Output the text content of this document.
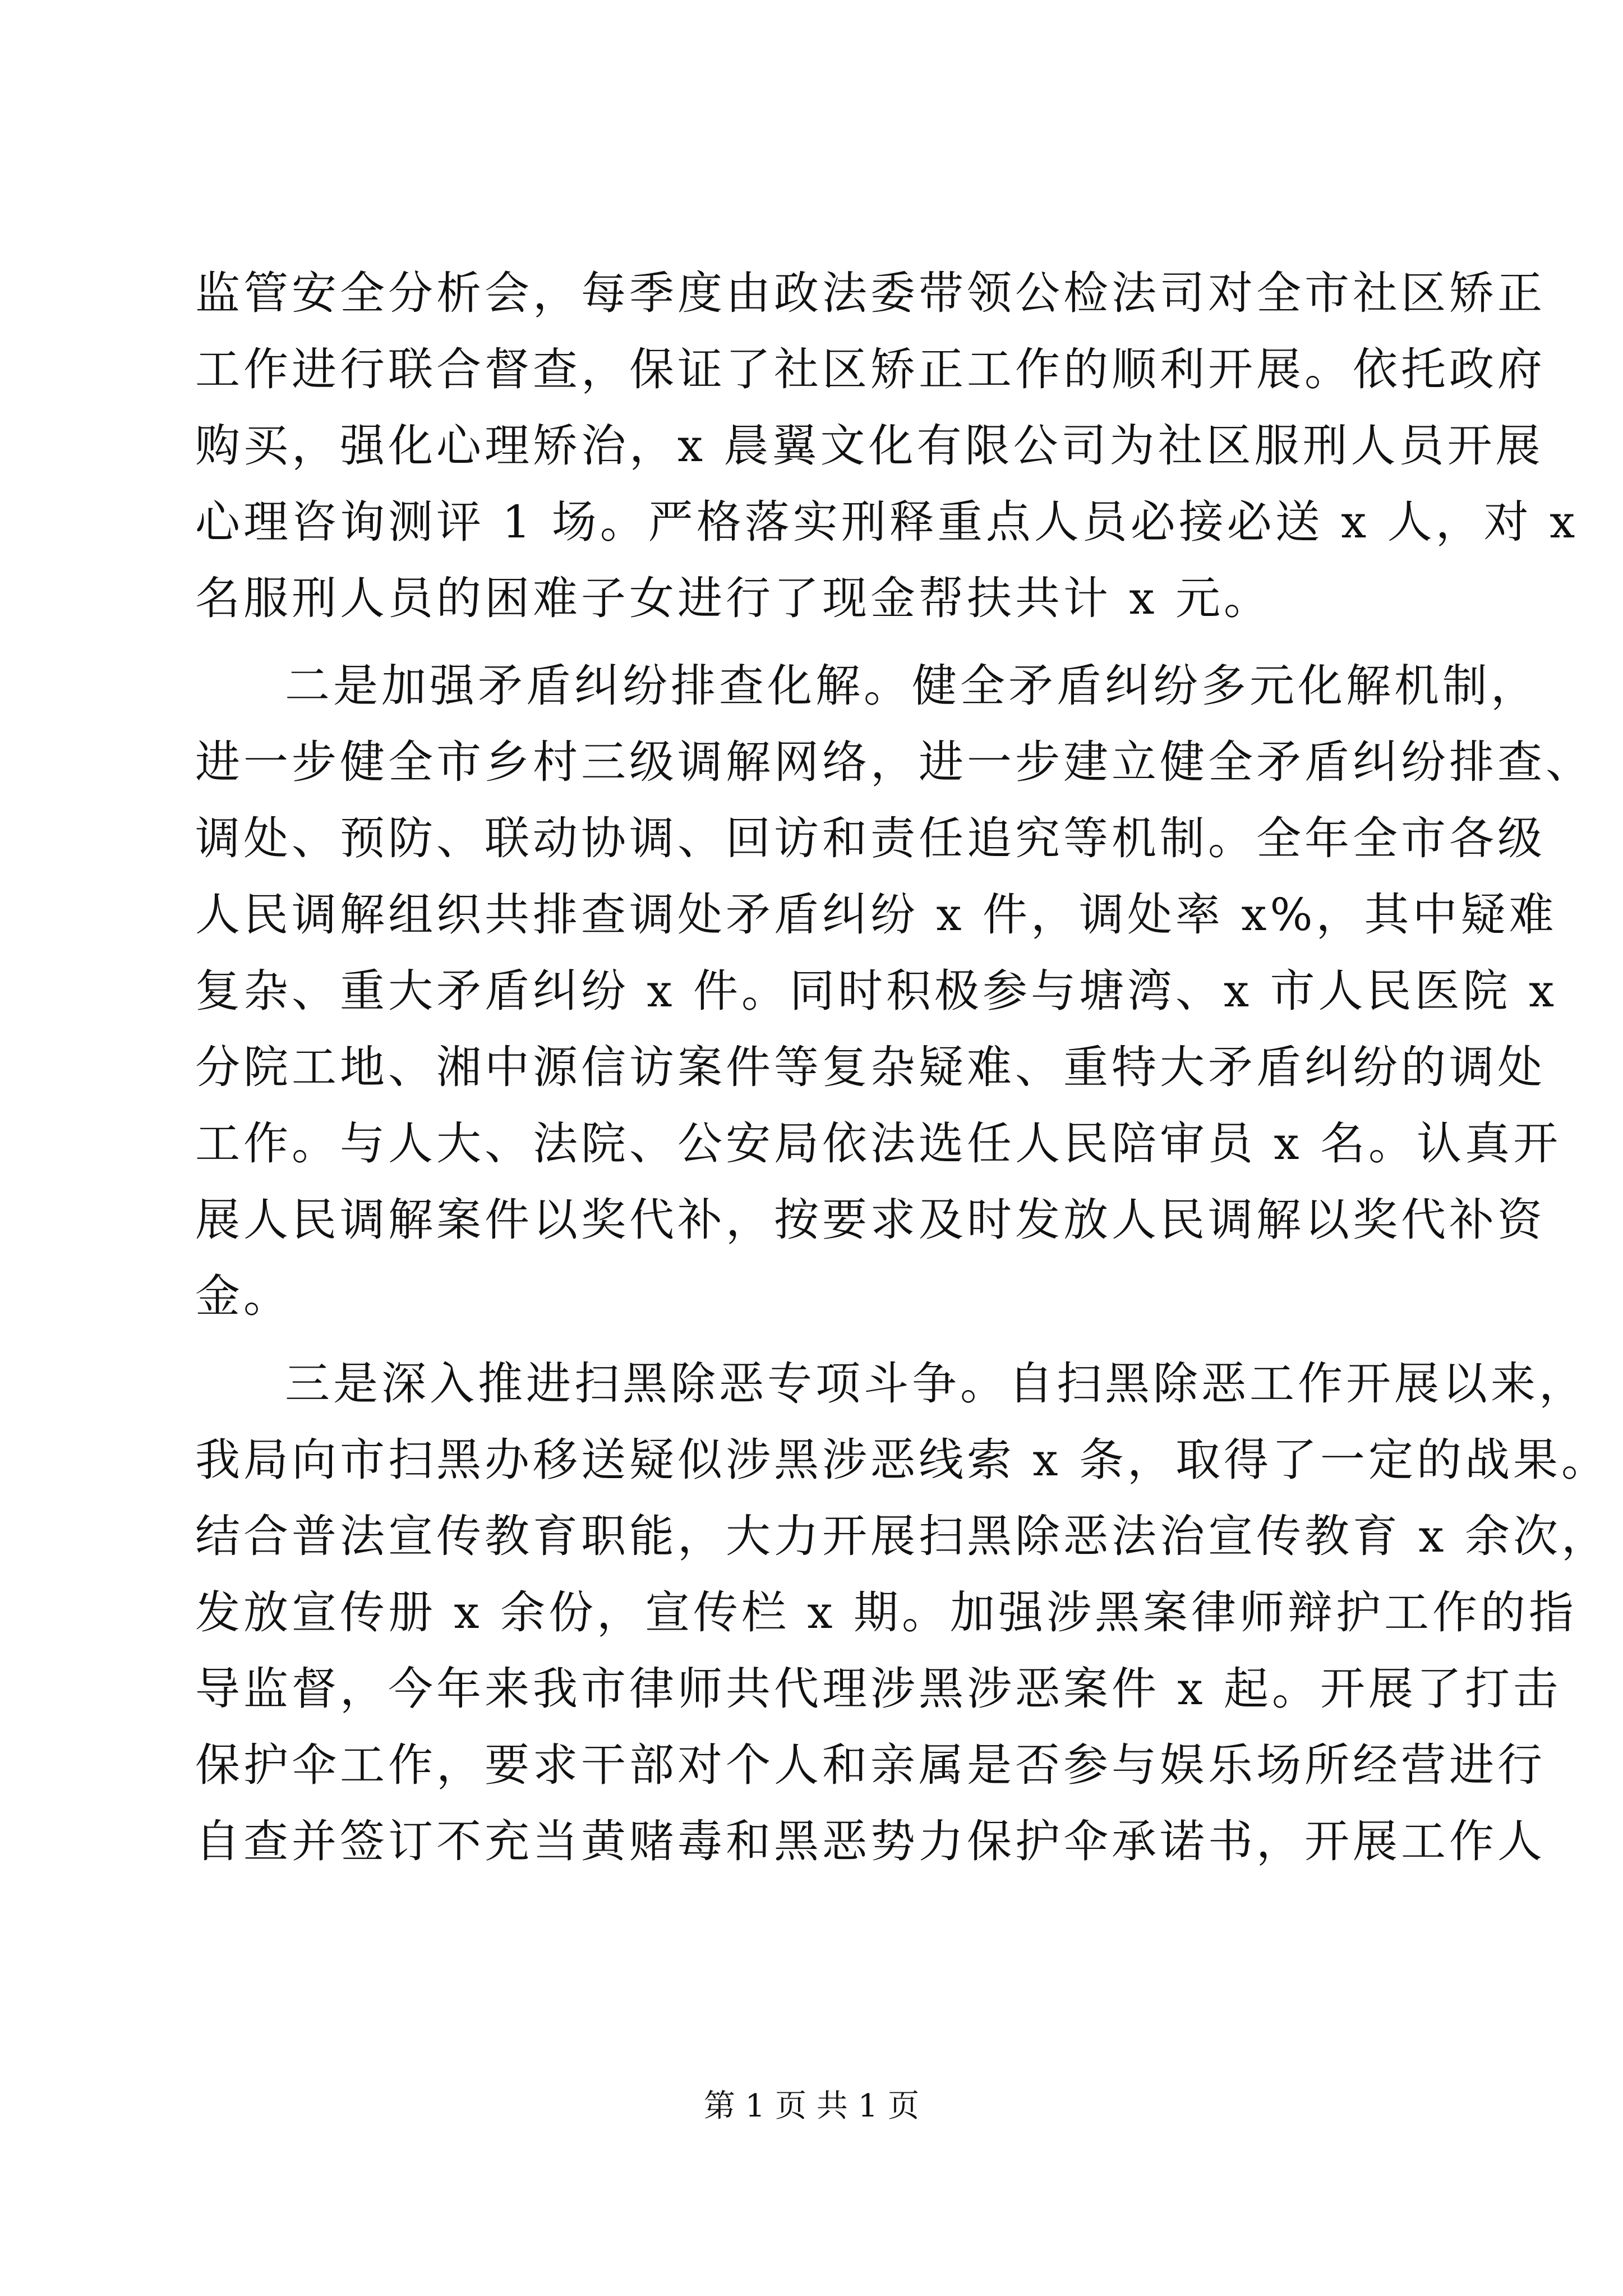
监管安全分析会，每季度由政法委带领公检法司对全市社区矫正
工作进行联合督查，保证了社区矫正工作的顺利开展。依托政府
购买，强化心理矫治，x 晨翼文化有限公司为社区服刑人员开展
心理咨询测评 1 场。严格落实刑释重点人员必接必送 x 人，对 x
名服刑人员的困难子女进行了现金帮扶共计 x 元。
二是加强矛盾纠纷排查化解。健全矛盾纠纷多元化解机制，
进一步健全市乡村三级调解网络，进一步建立健全矛盾纠纷排查、
调处、预防、联动协调、回访和责任追究等机制。全年全市各级
人民调解组织共排查调处矛盾纠纷 x 件，调处率 x%，其中疑难
复杂、重大矛盾纠纷 x 件。同时积极参与塘湾、x 市人民医院 x
分院工地、湘中源信访案件等复杂疑难、重特大矛盾纠纷的调处
工作。与人大、法院、公安局依法选任人民陪审员 x 名。认真开
展人民调解案件以奖代补，按要求及时发放人民调解以奖代补资
金。
三是深入推进扫黑除恶专项斗争。自扫黑除恶工作开展以来，
我局向市扫黑办移送疑似涉黑涉恶线索 x 条，取得了一定的战果。
结合普法宣传教育职能，大力开展扫黑除恶法治宣传教育 x 余次，
发放宣传册 x 余份，宣传栏 x 期。加强涉黑案律师辩护工作的指
导监督，今年来我市律师共代理涉黑涉恶案件 x 起。开展了打击
保护伞工作，要求干部对个人和亲属是否参与娱乐场所经营进行
自查并签订不充当黄赌毒和黑恶势力保护伞承诺书，开展工作人
第 1 页 共 1 页
